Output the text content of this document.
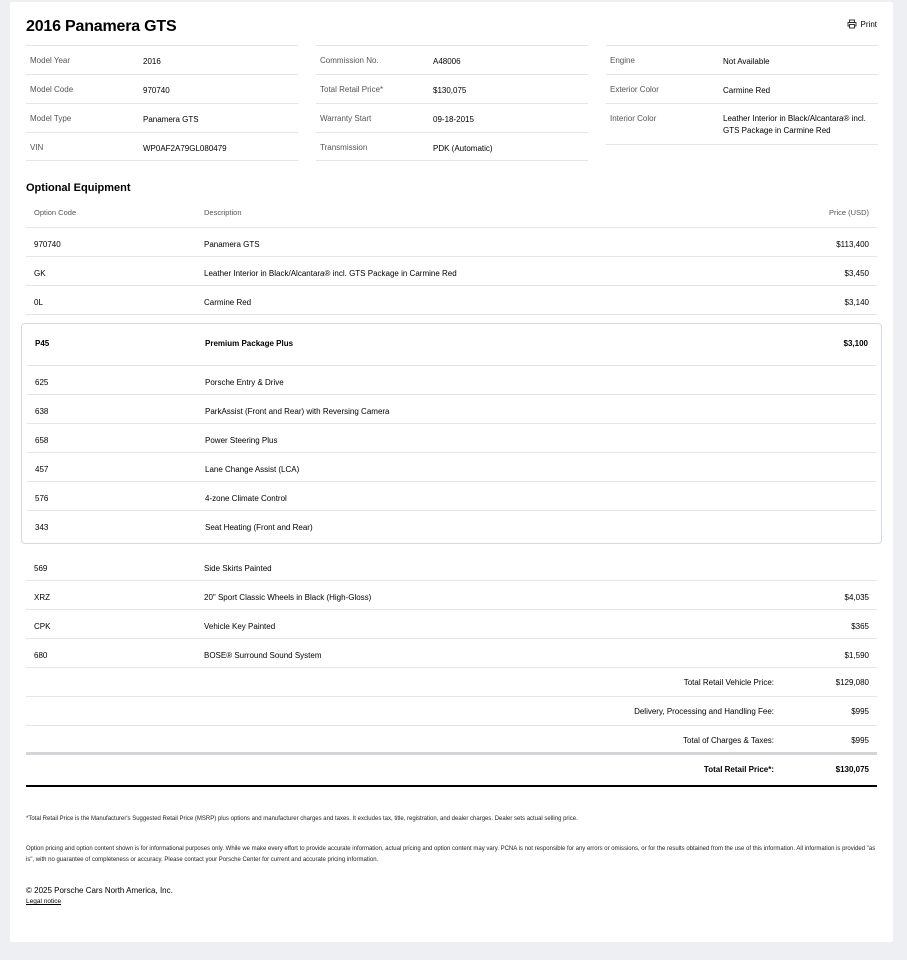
2016 Panamera GTS	Print
Model Year	2016
Model Code	970740
Model Type	Panamera GTS
VIN	WP0AF2A79GL080479
Commission No.	A48006
Total Retail Price*	$130,075
Warranty Start	09-18-2015
Transmission	PDK (Automatic)
Engine	Not Available
Exterior Color	Carmine Red
Interior Color	Leather Interior in Black/Alcantara® incl. GTS Package in Carmine Red
Optional Equipment
Option Code	Description	Price (USD)
970740	Panamera GTS	$113,400
GK	Leather Interior in Black/Alcantara® incl. GTS Package in Carmine Red	$3,450
0L	Carmine Red	$3,140
P45	Premium Package Plus	$3,100
625	Porsche Entry & Drive
638	ParkAssist (Front and Rear) with Reversing Camera
658	Power Steering Plus
457	Lane Change Assist (LCA)
576	4-zone Climate Control
343	Seat Heating (Front and Rear)
569	Side Skirts Painted
XRZ	20" Sport Classic Wheels in Black (High-Gloss)	$4,035
CPK	Vehicle Key Painted	$365
680	BOSE® Surround Sound System	$1,590
Total Retail Vehicle Price:	$129,080
Delivery, Processing and Handling Fee:	$995
Total of Charges & Taxes:	$995
Total Retail Price*:	$130,075
*Total Retail Price is the Manufacturer's Suggested Retail Price (MSRP) plus options and manufacturer charges and taxes. It excludes tax, title, registration, and dealer charges. Dealer sets actual selling price.
Option pricing and option content shown is for informational purposes only. While we make every effort to provide accurate information, actual pricing and option content may vary. PCNA is not responsible for any errors or omissions, or for the results obtained from the use of this information. All information is provided "as is", with no guarantee of completeness or accuracy. Please contact your Porsche Center for current and accurate pricing information.
© 2025 Porsche Cars North America, Inc.
Legal notice
